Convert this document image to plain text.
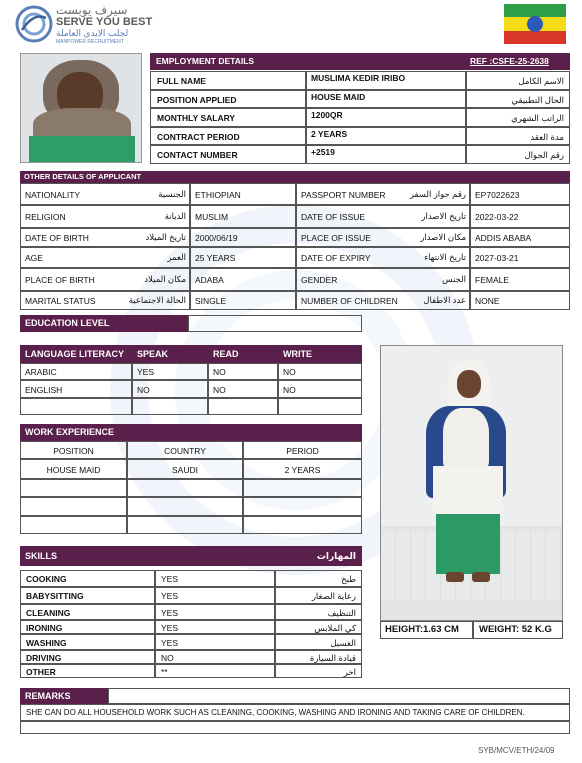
سيرف يوبست
SERVE YOU BEST
لجلب الايدي العاملة
MANPOWER RECRUITMENT
EMPLOYMENT DETAILS	REF :CSFE-25-2638
FULL NAME	MUSLIMA KEDIR IRIBO	الاسم الكامل
POSITION APPLIED	HOUSE MAID	الحال التطبيقي
MONTHLY SALARY	1200QR	الراتب الشهري
CONTRACT PERIOD	2 YEARS	مدة العقد
CONTACT NUMBER	+2519	رقم الجوال
OTHER DETAILS OF APPLICANT
NATIONALITY	الجنسية	ETHIOPIAN	PASSPORT NUMBER	رقم جواز السفر	EP7022623
RELIGION	الديانة	MUSLIM	DATE OF ISSUE	تاريخ الاصدار	2022-03-22
DATE OF BIRTH	تاريخ الميلاد	2000/06/19	PLACE OF ISSUE	مكان الاصدار	ADDIS ABABA
AGE	العمر	25 YEARS	DATE OF EXPIRY	تاريخ الانتهاء	2027-03-21
PLACE OF BIRTH	مكان الميلاد	ADABA	GENDER	الجنس	FEMALE
MARITAL STATUS	الحالة الاجتماعية	SINGLE	NUMBER OF CHILDREN	عدد الاطفال	NONE
EDUCATION LEVEL
LANGUAGE LITERACY	SPEAK	READ	WRITE
ARABIC	YES	NO	NO
ENGLISH	NO	NO	NO
WORK EXPERIENCE
POSITION	COUNTRY	PERIOD
HOUSE MAID	SAUDI	2 YEARS
SKILLS	المهارات
COOKING	YES	طبخ
BABYSITTING	YES	رعاية الصغار
CLEANING	YES	التنظيف
IRONING	YES	كي الملابس
WASHING	YES	الغسيل
DRIVING	NO	قيادة السيارة
OTHER	**	اخر
HEIGHT:1.63 CM	WEIGHT: 52 K.G
REMARKS
SHE CAN DO ALL HOUSEHOLD WORK SUCH AS CLEANING, COOKING, WASHING AND IRONING AND TAKING CARE OF CHILDREN.
SYB/MCV/ETH/24/09
